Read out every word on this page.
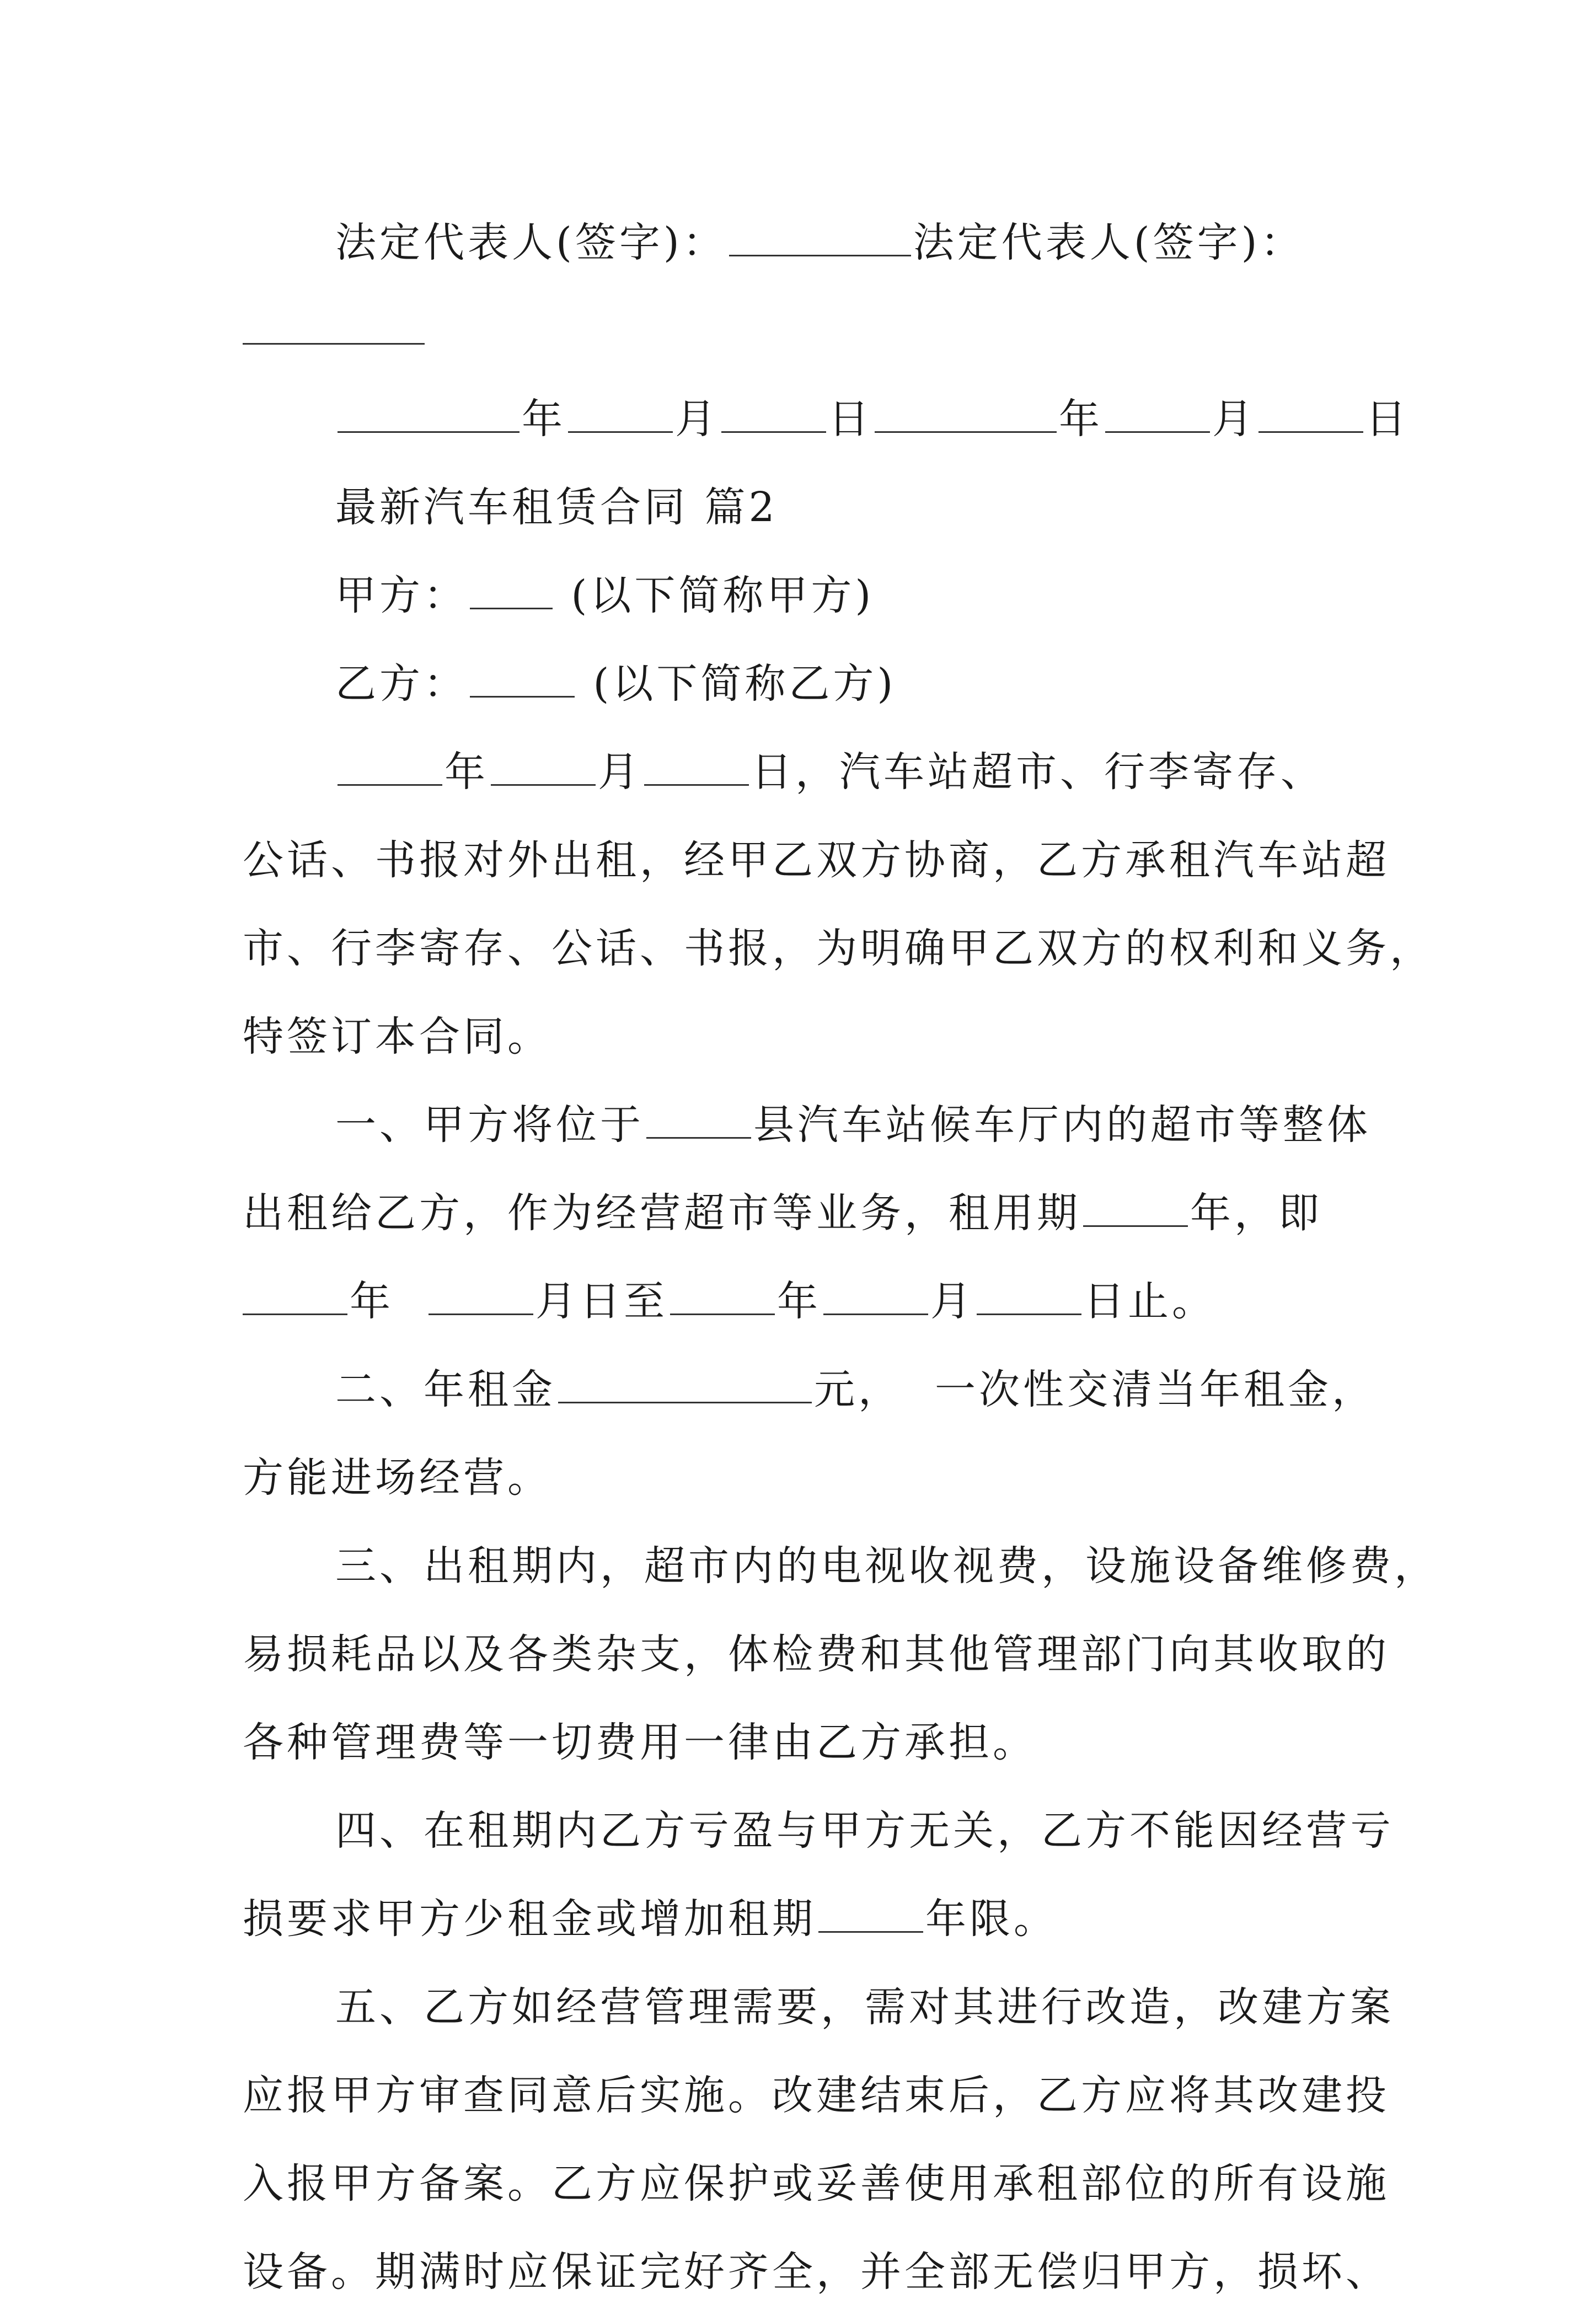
法定代表人(签字)：	法定代表人(签字)：
年	月	日	年	月	日
最新汽车租赁合同 篇2
甲方：	(以下简称甲方)
乙方：	(以下简称乙方)
年	月	日，汽车站超市、行李寄存、
公话、书报对外出租，经甲乙双方协商，乙方承租汽车站超
市、行李寄存、公话、书报，为明确甲乙双方的权利和义务，
特签订本合同。
一、甲方将位于	县汽车站候车厅内的超市等整体
出租给乙方，作为经营超市等业务，租用期	年，即
年	月日至	年	月	日止。
二、年租金	元，  一次性交清当年租金，
方能进场经营。
三、出租期内，超市内的电视收视费，设施设备维修费，
易损耗品以及各类杂支，体检费和其他管理部门向其收取的
各种管理费等一切费用一律由乙方承担。
四、在租期内乙方亏盈与甲方无关，乙方不能因经营亏
损要求甲方少租金或增加租期	年限。
五、乙方如经营管理需要，需对其进行改造，改建方案
应报甲方审查同意后实施。改建结束后，乙方应将其改建投
入报甲方备案。乙方应保护或妥善使用承租部位的所有设施
设备。期满时应保证完好齐全，并全部无偿归甲方，损坏、
